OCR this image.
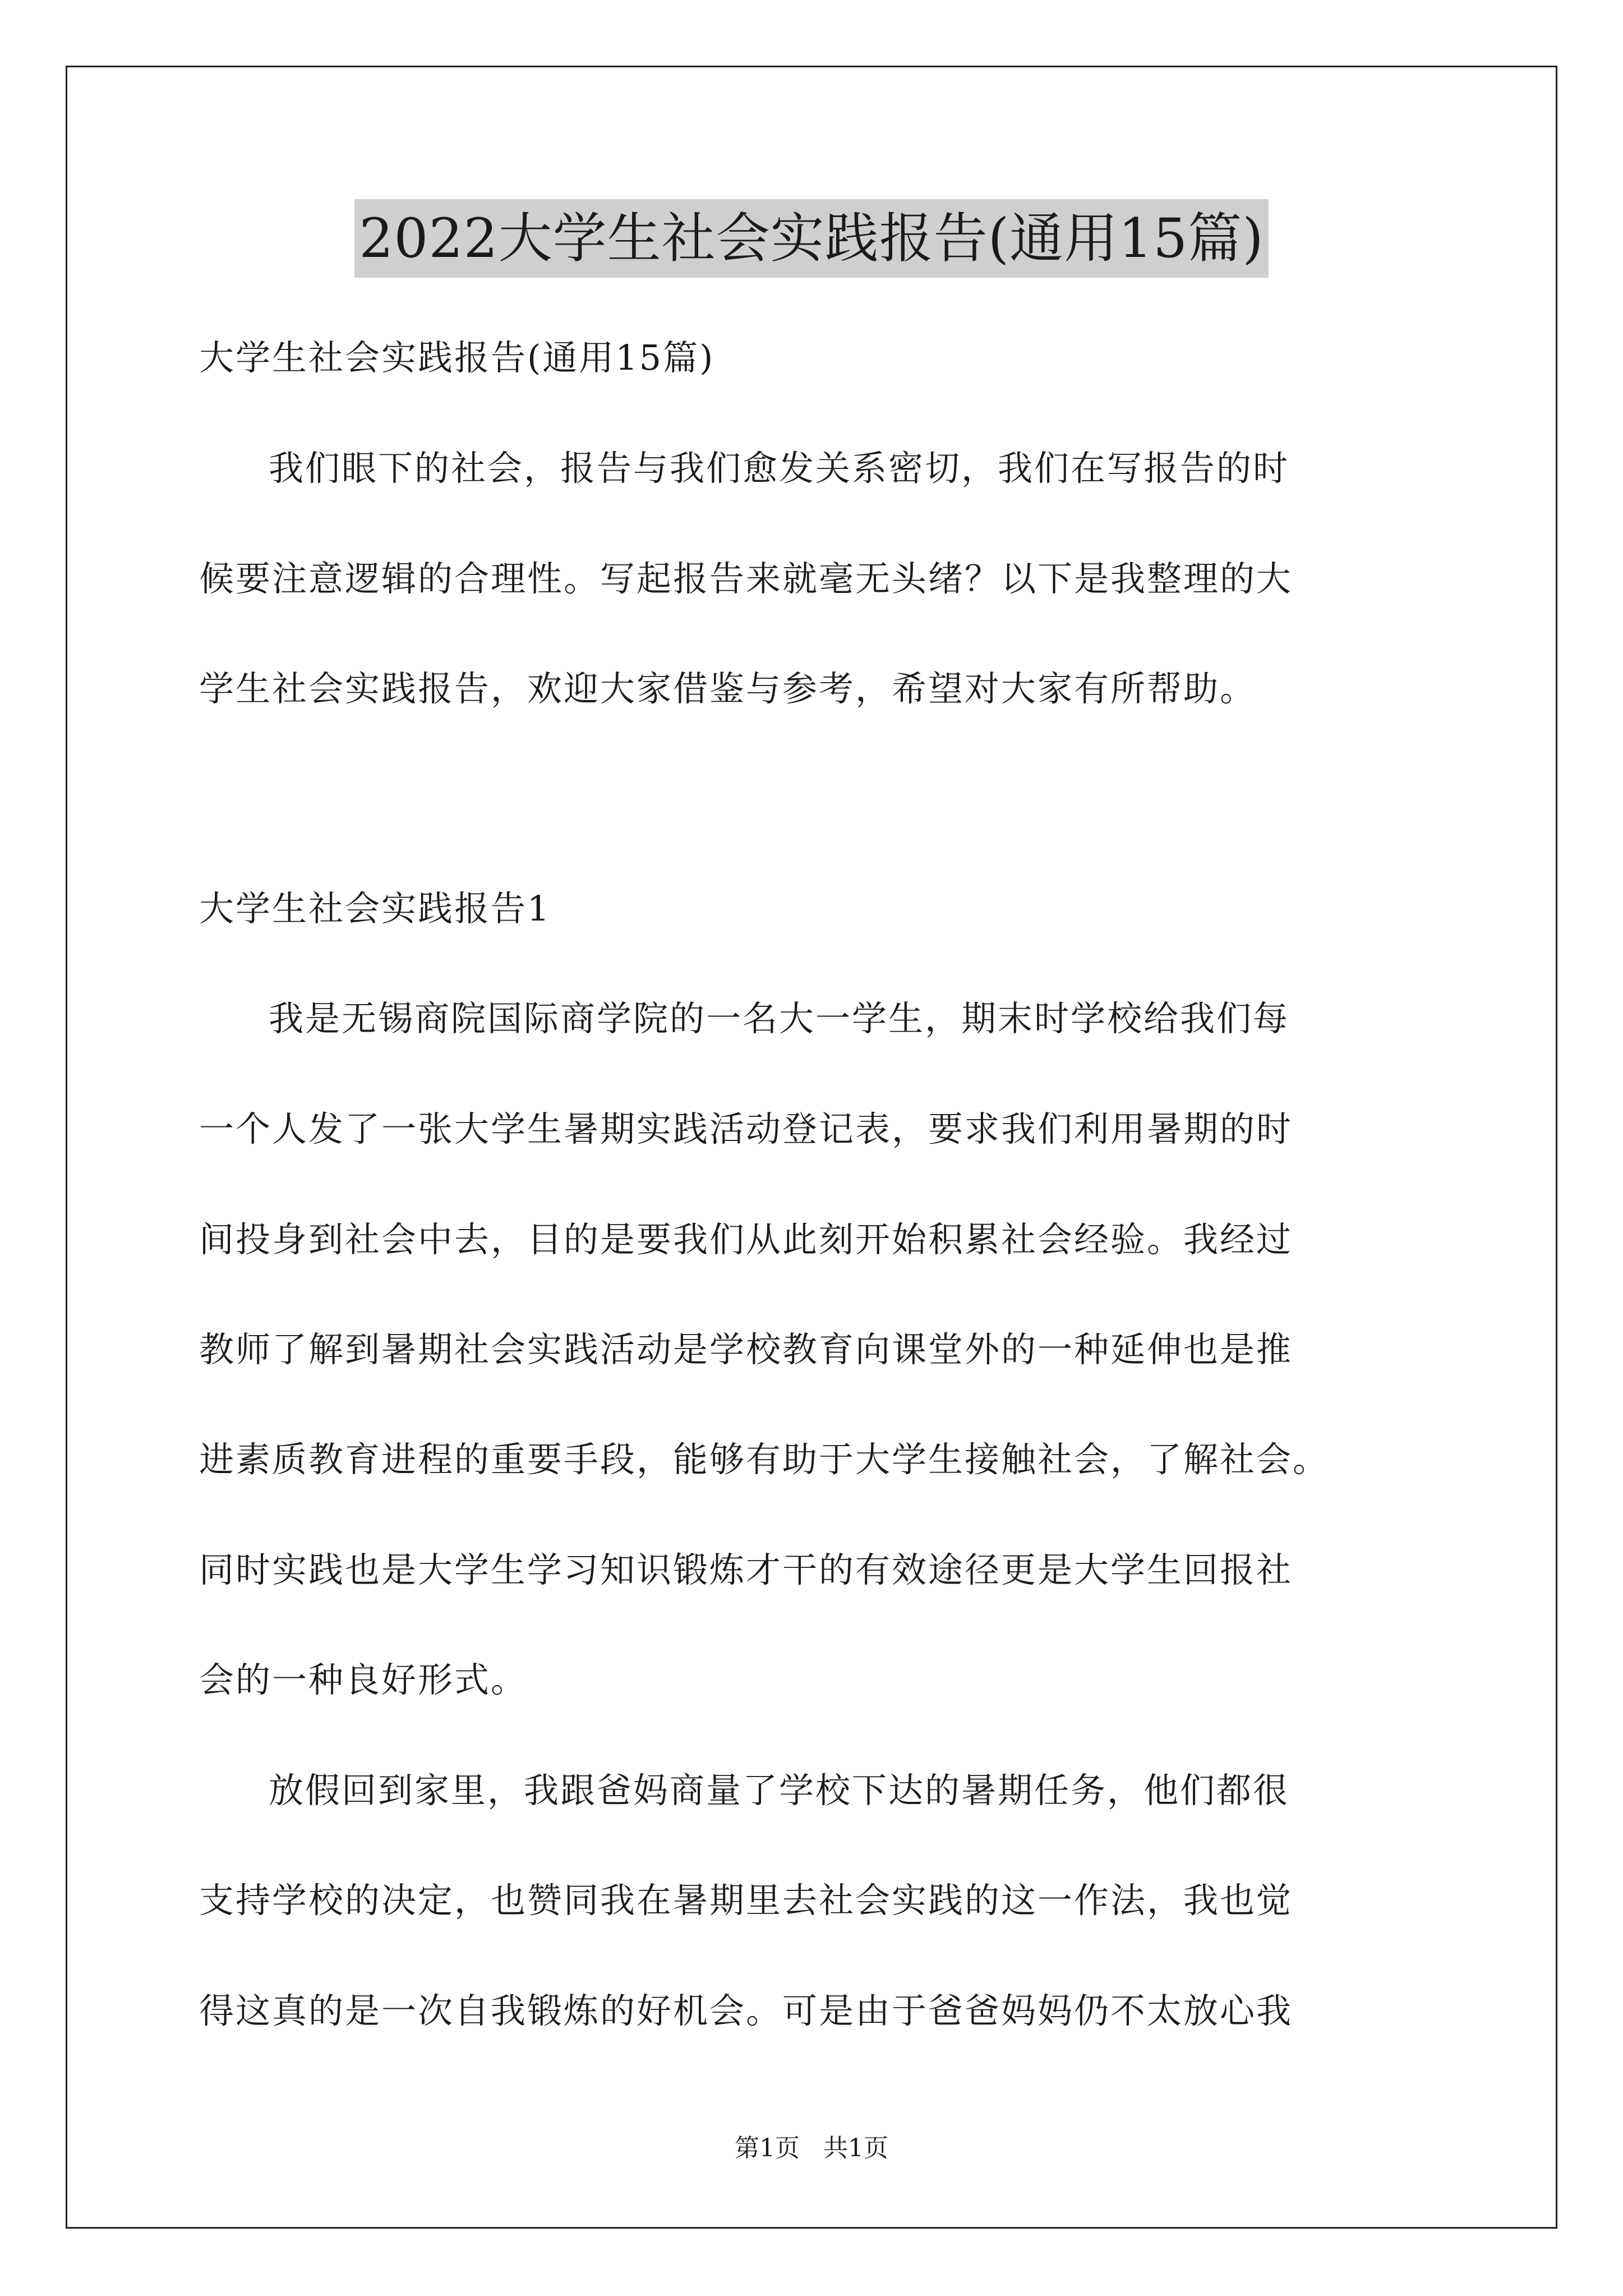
2022大学生社会实践报告(通用15篇)
大学生社会实践报告(通用15篇)
我们眼下的社会，报告与我们愈发关系密切，我们在写报告的时
候要注意逻辑的合理性。写起报告来就毫无头绪？以下是我整理的大
学生社会实践报告，欢迎大家借鉴与参考，希望对大家有所帮助。
大学生社会实践报告1
我是无锡商院国际商学院的一名大一学生，期末时学校给我们每
一个人发了一张大学生暑期实践活动登记表，要求我们利用暑期的时
间投身到社会中去，目的是要我们从此刻开始积累社会经验。我经过
教师了解到暑期社会实践活动是学校教育向课堂外的一种延伸也是推
进素质教育进程的重要手段，能够有助于大学生接触社会，了解社会。
同时实践也是大学生学习知识锻炼才干的有效途径更是大学生回报社
会的一种良好形式。
放假回到家里，我跟爸妈商量了学校下达的暑期任务，他们都很
支持学校的决定，也赞同我在暑期里去社会实践的这一作法，我也觉
得这真的是一次自我锻炼的好机会。可是由于爸爸妈妈仍不太放心我
第1页 共1页
